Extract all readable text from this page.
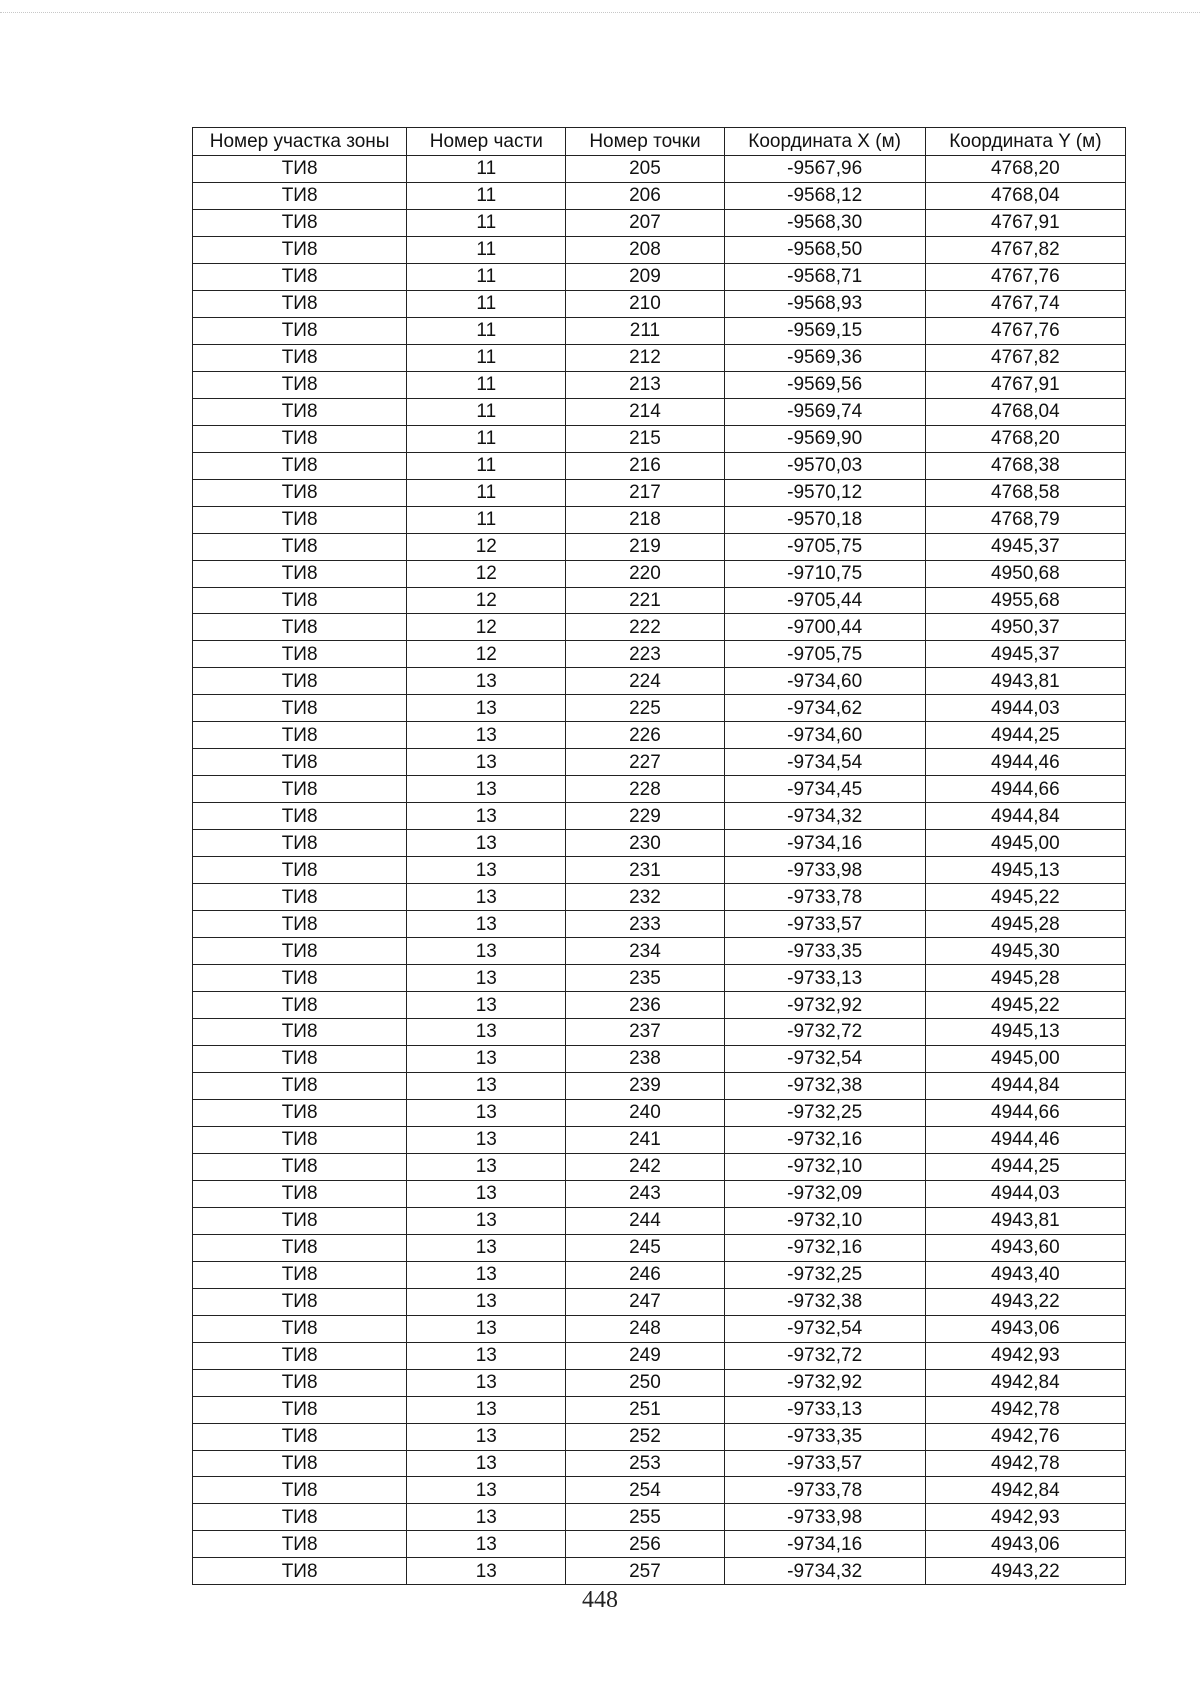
Номер участка зоны	Номер части	Номер точки	Координата X (м)	Координата Y (м)
ТИ8	11	205	-9567,96	4768,20
ТИ8	11	206	-9568,12	4768,04
ТИ8	11	207	-9568,30	4767,91
ТИ8	11	208	-9568,50	4767,82
ТИ8	11	209	-9568,71	4767,76
ТИ8	11	210	-9568,93	4767,74
ТИ8	11	211	-9569,15	4767,76
ТИ8	11	212	-9569,36	4767,82
ТИ8	11	213	-9569,56	4767,91
ТИ8	11	214	-9569,74	4768,04
ТИ8	11	215	-9569,90	4768,20
ТИ8	11	216	-9570,03	4768,38
ТИ8	11	217	-9570,12	4768,58
ТИ8	11	218	-9570,18	4768,79
ТИ8	12	219	-9705,75	4945,37
ТИ8	12	220	-9710,75	4950,68
ТИ8	12	221	-9705,44	4955,68
ТИ8	12	222	-9700,44	4950,37
ТИ8	12	223	-9705,75	4945,37
ТИ8	13	224	-9734,60	4943,81
ТИ8	13	225	-9734,62	4944,03
ТИ8	13	226	-9734,60	4944,25
ТИ8	13	227	-9734,54	4944,46
ТИ8	13	228	-9734,45	4944,66
ТИ8	13	229	-9734,32	4944,84
ТИ8	13	230	-9734,16	4945,00
ТИ8	13	231	-9733,98	4945,13
ТИ8	13	232	-9733,78	4945,22
ТИ8	13	233	-9733,57	4945,28
ТИ8	13	234	-9733,35	4945,30
ТИ8	13	235	-9733,13	4945,28
ТИ8	13	236	-9732,92	4945,22
ТИ8	13	237	-9732,72	4945,13
ТИ8	13	238	-9732,54	4945,00
ТИ8	13	239	-9732,38	4944,84
ТИ8	13	240	-9732,25	4944,66
ТИ8	13	241	-9732,16	4944,46
ТИ8	13	242	-9732,10	4944,25
ТИ8	13	243	-9732,09	4944,03
ТИ8	13	244	-9732,10	4943,81
ТИ8	13	245	-9732,16	4943,60
ТИ8	13	246	-9732,25	4943,40
ТИ8	13	247	-9732,38	4943,22
ТИ8	13	248	-9732,54	4943,06
ТИ8	13	249	-9732,72	4942,93
ТИ8	13	250	-9732,92	4942,84
ТИ8	13	251	-9733,13	4942,78
ТИ8	13	252	-9733,35	4942,76
ТИ8	13	253	-9733,57	4942,78
ТИ8	13	254	-9733,78	4942,84
ТИ8	13	255	-9733,98	4942,93
ТИ8	13	256	-9734,16	4943,06
ТИ8	13	257	-9734,32	4943,22
448
